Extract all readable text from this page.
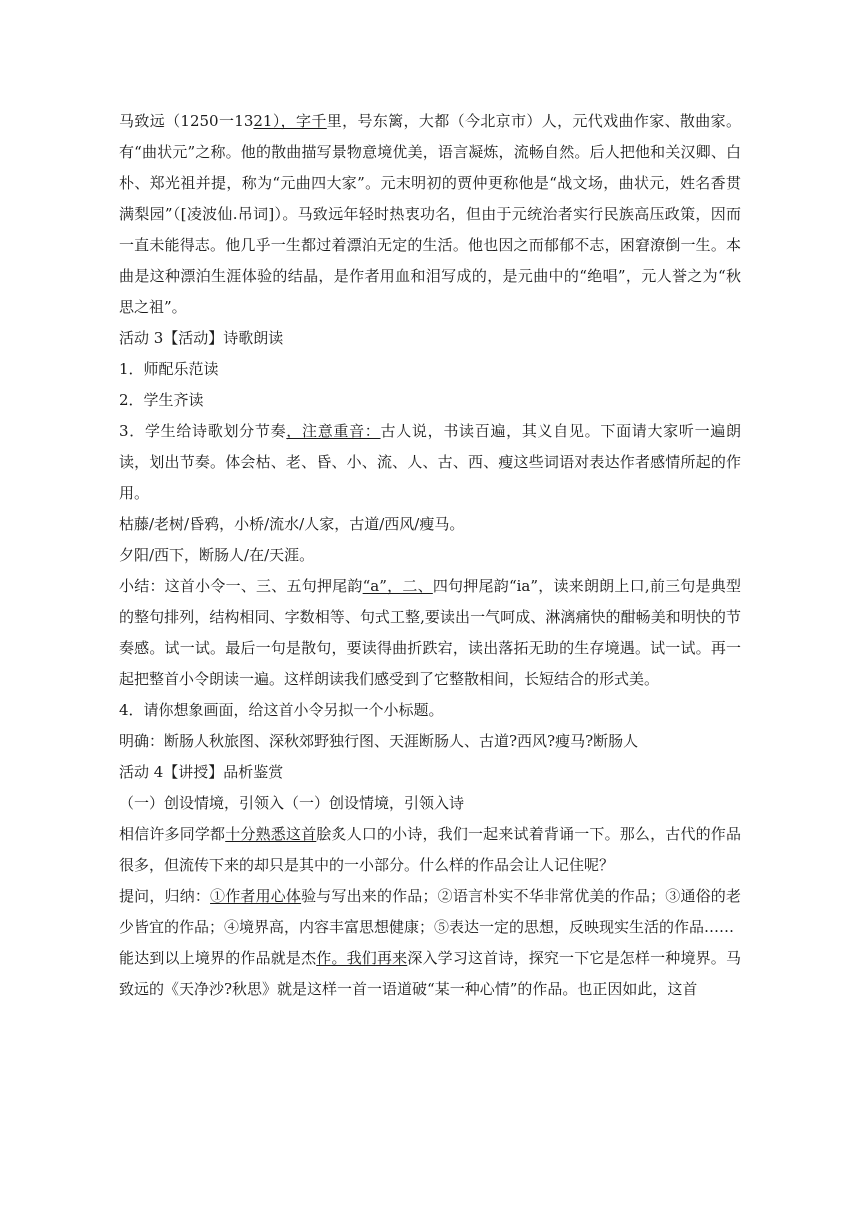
马致远（1250一1321），字千里，号东篱，大都（今北京市）人，元代戏曲作家、散曲家。有“曲状元”之称。他的散曲描写景物意境优美，语言凝炼，流畅自然。后人把他和关汉卿、白朴、郑光祖并提，称为“元曲四大家”。元末明初的贾仲更称他是“战文场，曲状元，姓名香贯满梨园”（[凌波仙.吊词]）。马致远年轻时热衷功名，但由于元统治者实行民族高压政策，因而一直未能得志。他几乎一生都过着漂泊无定的生活。他也因之而郁郁不志，困窘潦倒一生。本曲是这种漂泊生涯体验的结晶，是作者用血和泪写成的，是元曲中的“绝唱”，元人誉之为“秋思之祖”。

活动 3【活动】诗歌朗读

1．师配乐范读

2．学生齐读

3．学生给诗歌划分节奏，注意重音：古人说，书读百遍，其义自见。下面请大家听一遍朗读，划出节奏。体会枯、老、昏、小、流、人、古、西、瘦这些词语对表达作者感情所起的作用。

枯藤/老树/昏鸦，小桥/流水/人家，古道/西风/瘦马。

夕阳/西下，断肠人/在/天涯。

小结：这首小令一、三、五句押尾韵“a”，二、四句押尾韵“ia”，读来朗朗上口,前三句是典型的整句排列，结构相同、字数相等、句式工整,要读出一气呵成、淋漓痛快的酣畅美和明快的节奏感。试一试。最后一句是散句，要读得曲折跌宕，读出落拓无助的生存境遇。试一试。再一起把整首小令朗读一遍。这样朗读我们感受到了它整散相间，长短结合的形式美。

4．请你想象画面，给这首小令另拟一个小标题。

明确：断肠人秋旅图、深秋郊野独行图、天涯断肠人、古道?西风?瘦马?断肠人

活动 4【讲授】品析鉴赏

（一）创设情境，引领入（一）创设情境，引领入诗

相信许多同学都十分熟悉这首脍炙人口的小诗，我们一起来试着背诵一下。那么，古代的作品很多，但流传下来的却只是其中的一小部分。什么样的作品会让人记住呢？

提问，归纳：①作者用心体验与写出来的作品；②语言朴实不华非常优美的作品；③通俗的老少皆宜的作品；④境界高，内容丰富思想健康；⑤表达一定的思想，反映现实生活的作品……

能达到以上境界的作品就是杰作。我们再来深入学习这首诗，探究一下它是怎样一种境界。马致远的《天净沙?秋思》就是这样一首一语道破“某一种心情”的作品。也正因如此，这首
